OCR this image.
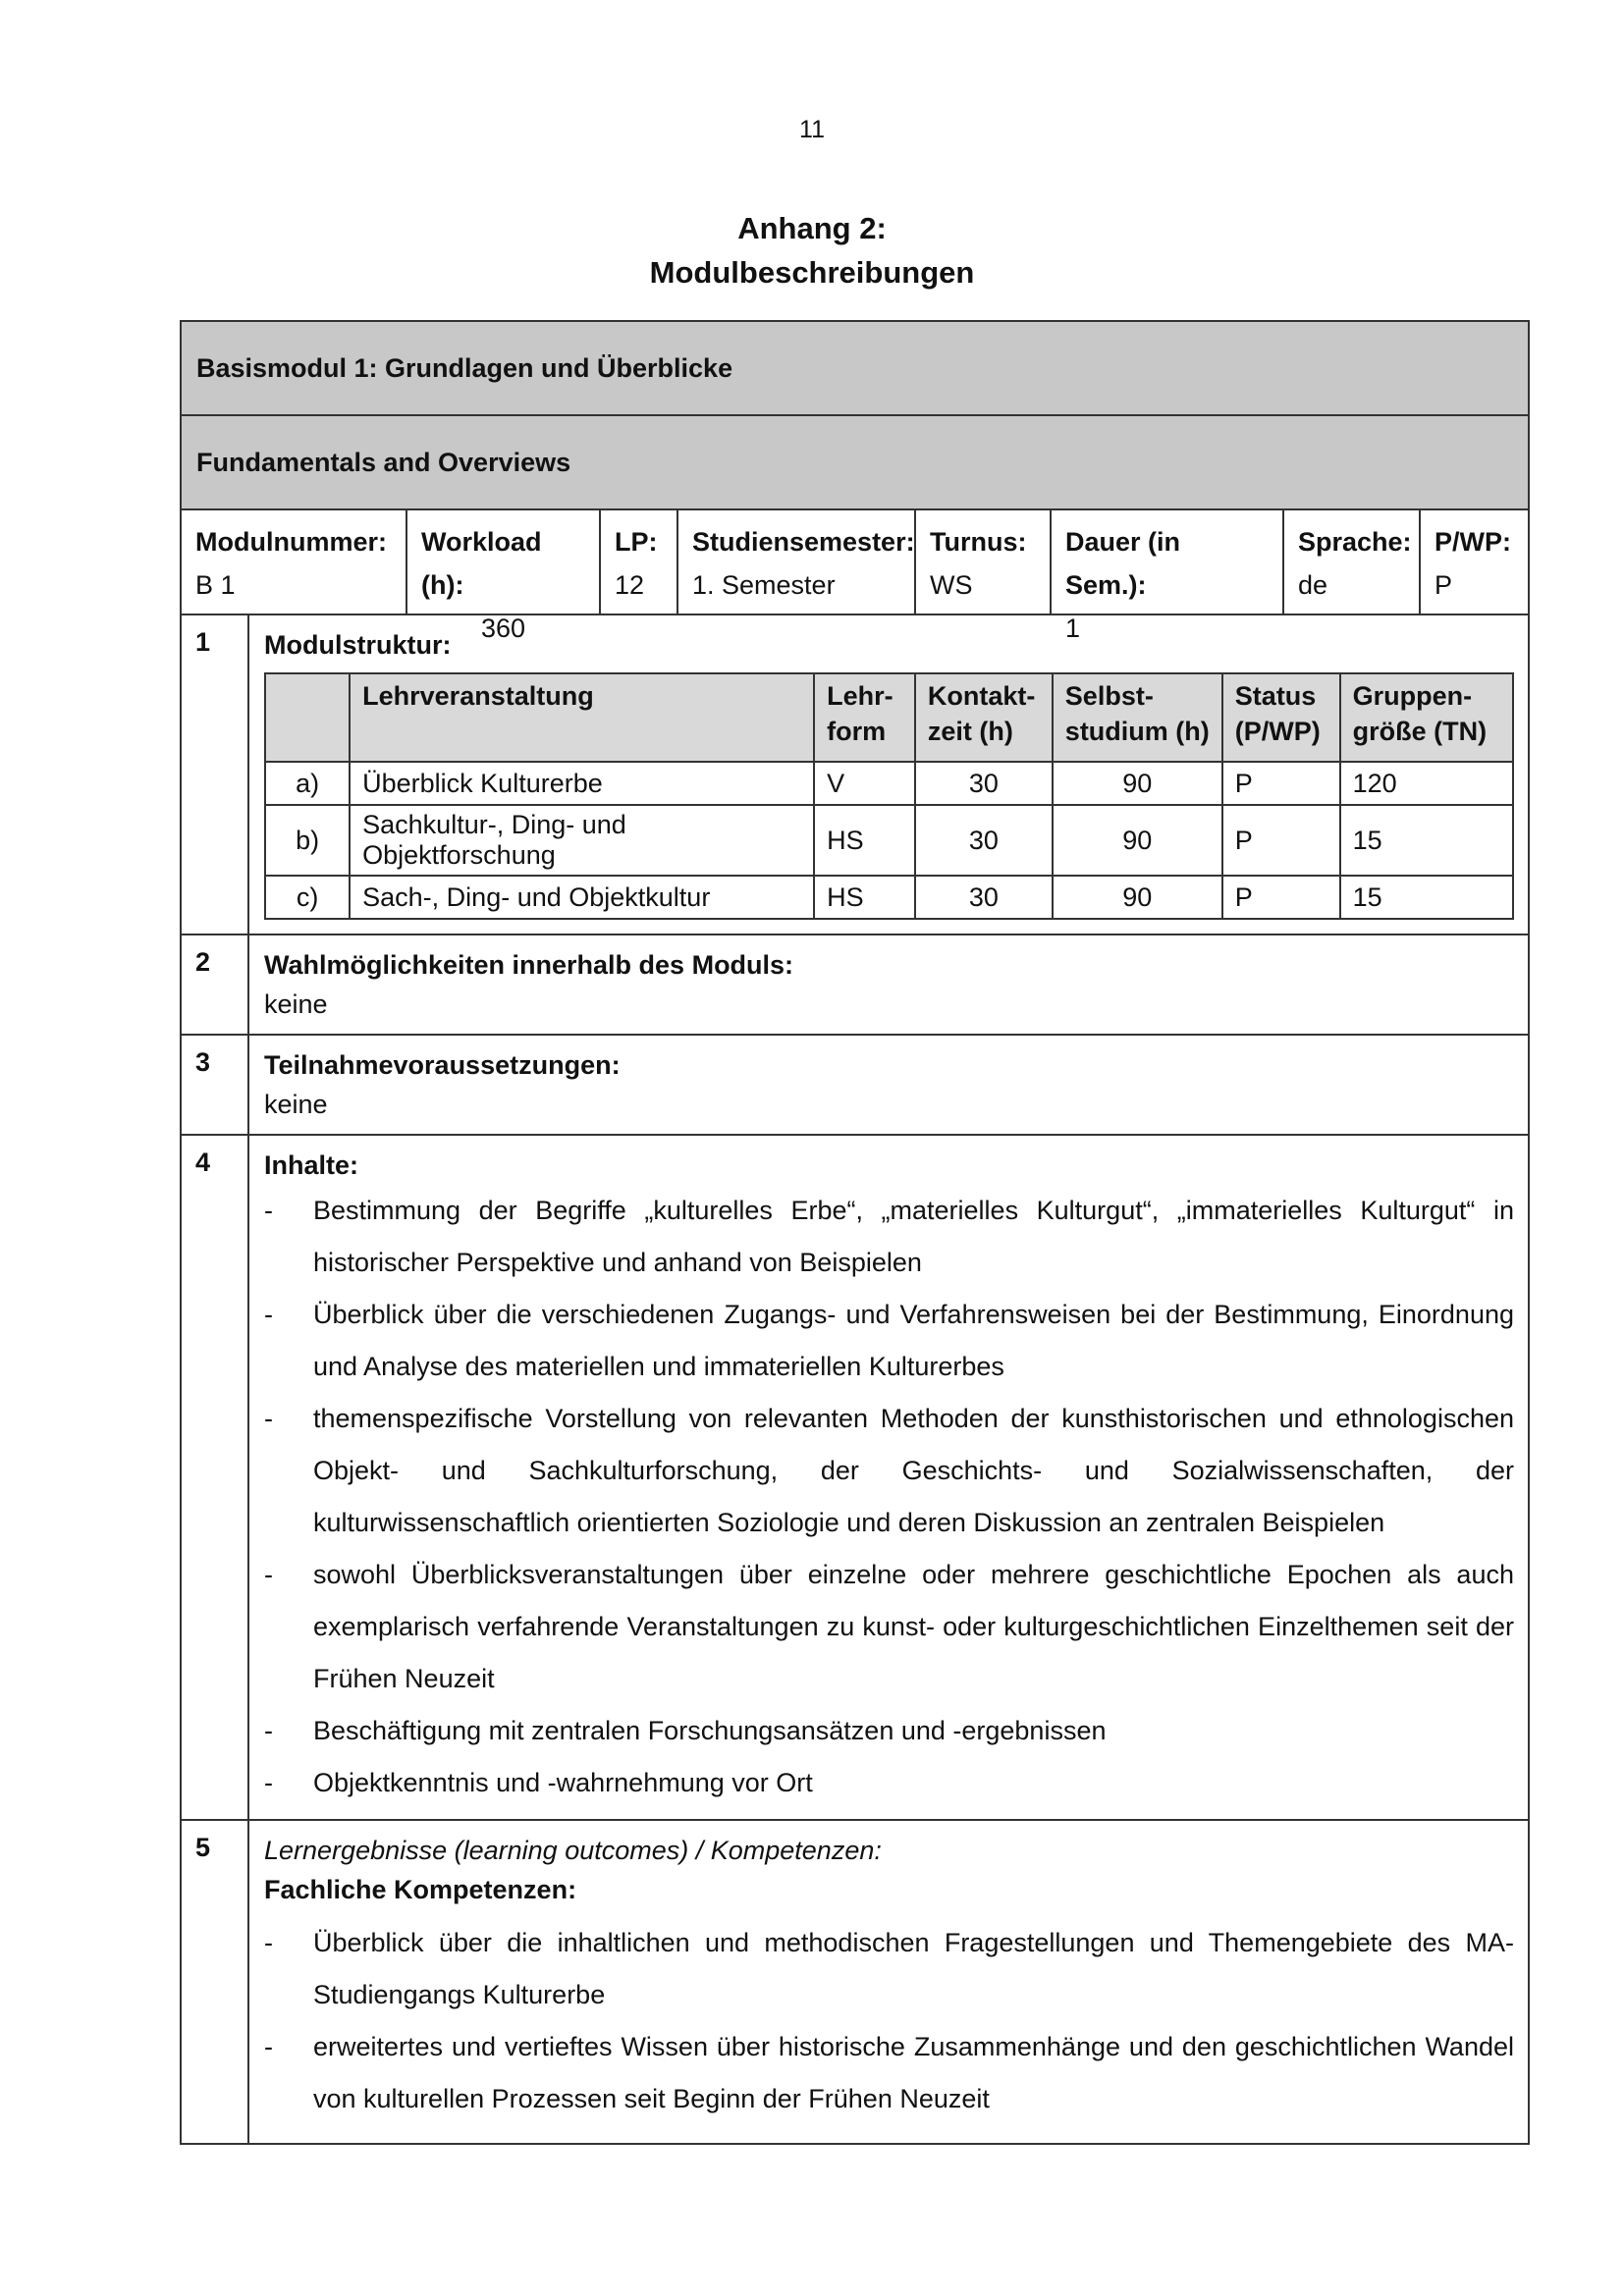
11
Anhang 2:
Modulbeschreibungen
Basismodul 1: Grundlagen und Überblicke
Fundamentals and Overviews
Modulnummer:
B 1
Workload (h):
360
LP:
12
Studiensemester:
1. Semester
Turnus:
WS
Dauer (in Sem.):
1
Sprache:
de
P/WP:
P
1	Modulstruktur:
	Lehrveranstaltung	Lehr-form	Kontakt-zeit (h)	Selbst-studium (h)	Status (P/WP)	Gruppen-größe (TN)
a)	Überblick Kulturerbe	V	30	90	P	120
b)	Sachkultur-, Ding- und Objektforschung	HS	30	90	P	15
c)	Sach-, Ding- und Objektkultur	HS	30	90	P	15
2	Wahlmöglichkeiten innerhalb des Moduls:
keine
3	Teilnahmevoraussetzungen:
keine
4	Inhalte:
-	Bestimmung der Begriffe „kulturelles Erbe“, „materielles Kulturgut“, „immaterielles Kulturgut“ in historischer Perspektive und anhand von Beispielen
-	Überblick über die verschiedenen Zugangs- und Verfahrensweisen bei der Bestimmung, Einordnung und Analyse des materiellen und immateriellen Kulturerbes
-	themenspezifische Vorstellung von relevanten Methoden der kunsthistorischen und ethnologischen Objekt- und Sachkulturforschung, der Geschichts- und Sozialwissenschaften, der kulturwissenschaftlich orientierten Soziologie und deren Diskussion an zentralen Beispielen
-	sowohl Überblicksveranstaltungen über einzelne oder mehrere geschichtliche Epochen als auch exemplarisch verfahrende Veranstaltungen zu kunst- oder kulturgeschichtlichen Einzelthemen seit der Frühen Neuzeit
-	Beschäftigung mit zentralen Forschungsansätzen und -ergebnissen
-	Objektkenntnis und -wahrnehmung vor Ort
5	Lernergebnisse (learning outcomes) / Kompetenzen:
Fachliche Kompetenzen:
-	Überblick über die inhaltlichen und methodischen Fragestellungen und Themengebiete des MA-Studiengangs Kulturerbe
-	erweitertes und vertieftes Wissen über historische Zusammenhänge und den geschichtlichen Wandel von kulturellen Prozessen seit Beginn der Frühen Neuzeit
